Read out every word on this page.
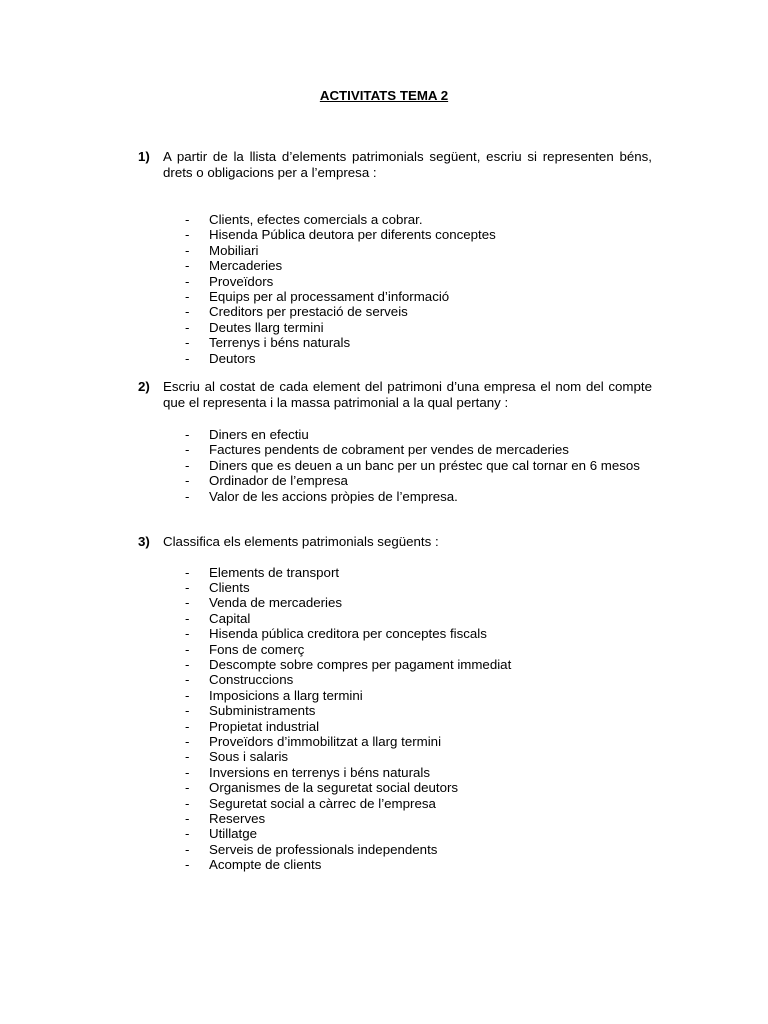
ACTIVITATS TEMA 2
1) A partir de la llista d’elements patrimonials següent, escriu si representen béns, drets o obligacions per a l’empresa :
-	Clients, efectes comercials a cobrar.
-	Hisenda Pública deutora per diferents conceptes
-	Mobiliari
-	Mercaderies
-	Proveïdors
-	Equips per al processament d’informació
-	Creditors per prestació de serveis
-	Deutes llarg termini
-	Terrenys i béns naturals
-	Deutors
2) Escriu al costat de cada element del patrimoni d’una empresa el nom del compte que el representa i la massa patrimonial a la qual pertany :
-	Diners en efectiu
-	Factures pendents de cobrament per vendes de mercaderies
-	Diners que es deuen a un banc per un préstec que cal tornar en 6 mesos
-	Ordinador de l’empresa
-	Valor de les accions pròpies de l’empresa.
3) Classifica els elements patrimonials següents :
-	Elements de transport
-	Clients
-	Venda de mercaderies
-	Capital
-	Hisenda pública creditora per conceptes fiscals
-	Fons de comerç
-	Descompte sobre compres per pagament immediat
-	Construccions
-	Imposicions a llarg termini
-	Subministraments
-	Propietat industrial
-	Proveïdors d’immobilitzat a llarg termini
-	Sous i salaris
-	Inversions en terrenys i béns naturals
-	Organismes de la seguretat social deutors
-	Seguretat social a càrrec de l’empresa
-	Reserves
-	Utillatge
-	Serveis de professionals independents
-	Acompte de clients
